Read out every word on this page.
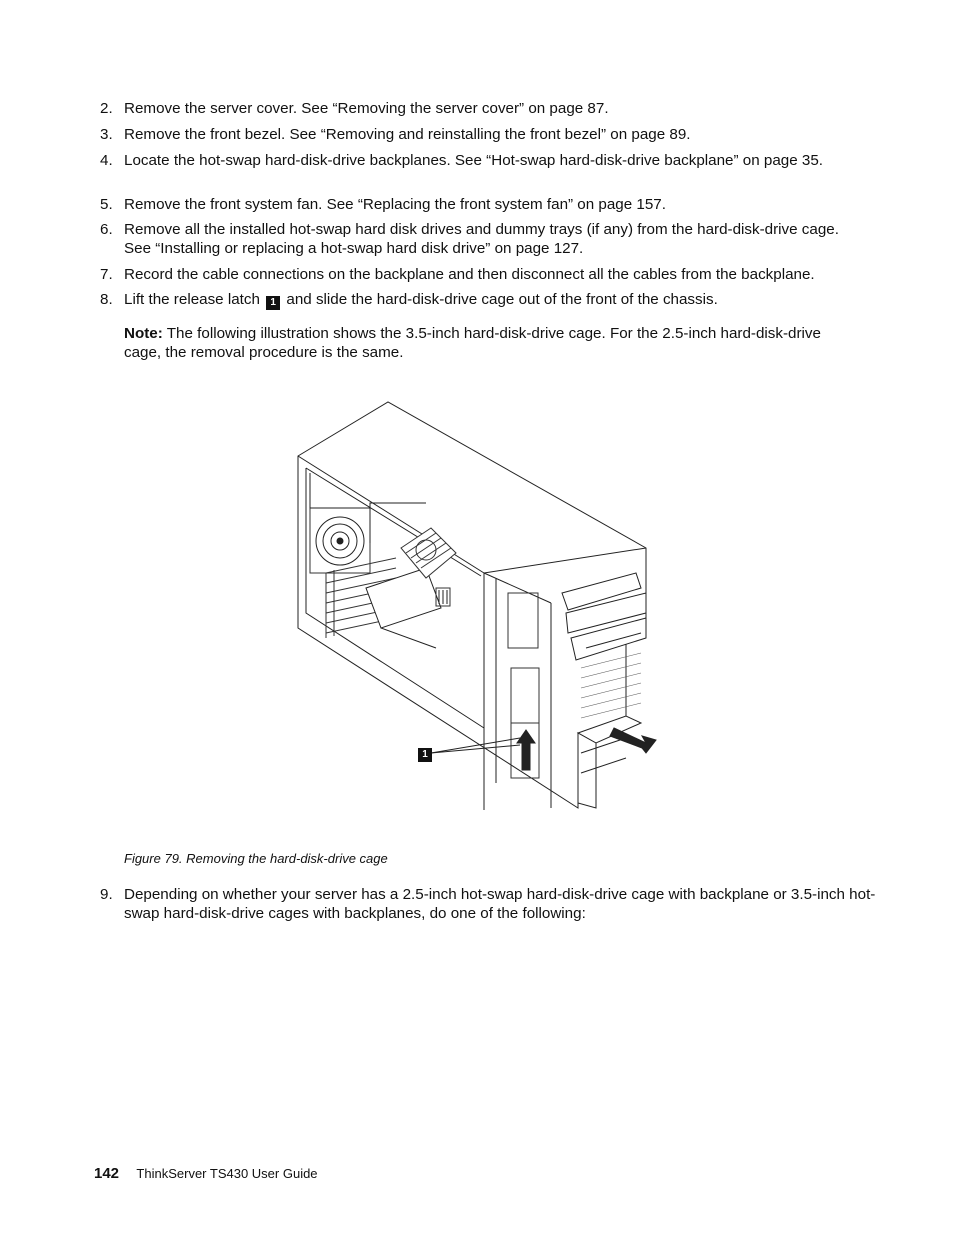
2. Remove the server cover. See “Removing the server cover” on page 87.
3. Remove the front bezel. See “Removing and reinstalling the front bezel” on page 89.
4. Locate the hot-swap hard-disk-drive backplanes. See “Hot-swap hard-disk-drive backplane” on page 35.
5. Remove the front system fan. See “Replacing the front system fan” on page 157.
6. Remove all the installed hot-swap hard disk drives and dummy trays (if any) from the hard-disk-drive cage. See “Installing or replacing a hot-swap hard disk drive” on page 127.
7. Record the cable connections on the backplane and then disconnect all the cables from the backplane.
8. Lift the release latch 1 and slide the hard-disk-drive cage out of the front of the chassis.
Note: The following illustration shows the 3.5-inch hard-disk-drive cage. For the 2.5-inch hard-disk-drive cage, the removal procedure is the same.
1
Figure 79. Removing the hard-disk-drive cage
9. Depending on whether your server has a 2.5-inch hot-swap hard-disk-drive cage with backplane or 3.5-inch hot-swap hard-disk-drive cages with backplanes, do one of the following:
142 ThinkServer TS430 User Guide
